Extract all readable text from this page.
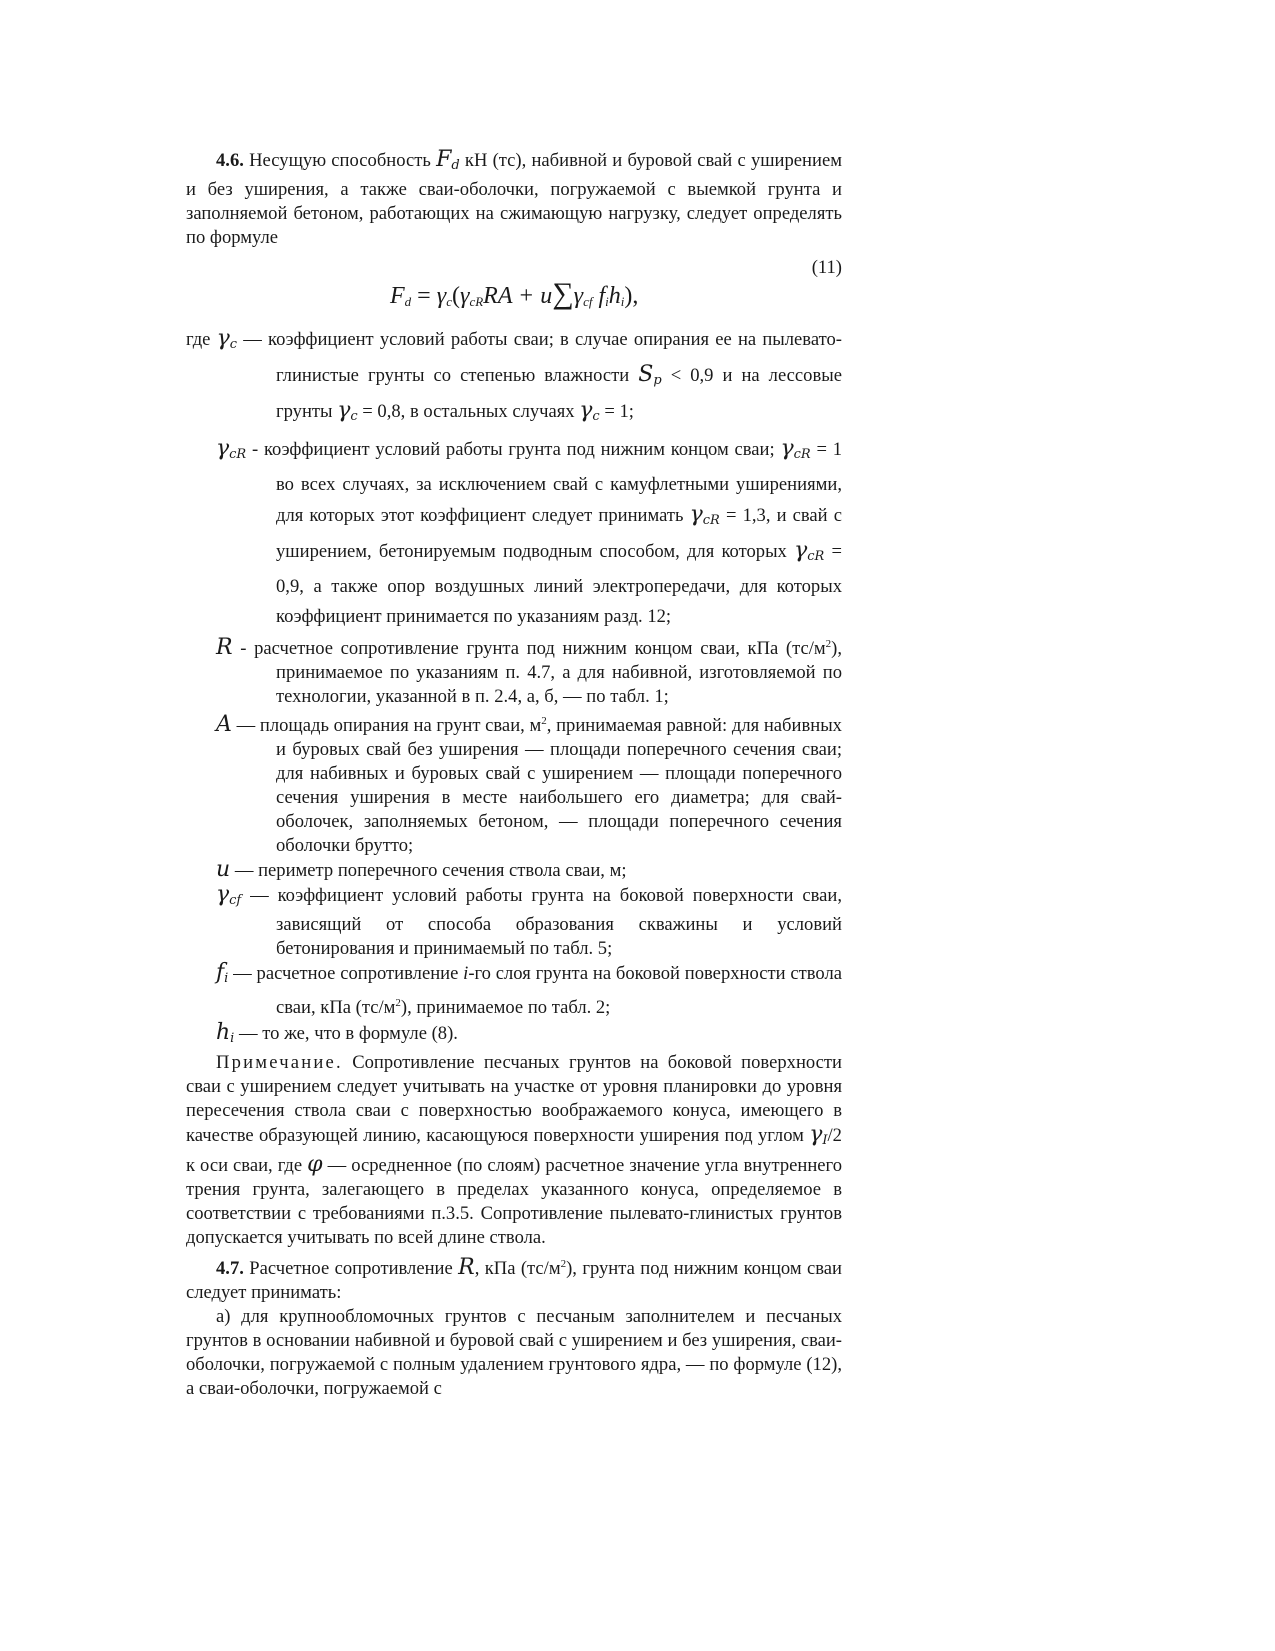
4.6. Несущую способность $F_d$ кН (тс), набивной и буровой свай с уширением и без уширения, а также сваи-оболочки, погружаемой с выемкой грунта и заполняемой бетоном, работающих на сжимающую нагрузку, следует определять по формуле

(11)
$F_d = \gamma_c(\gamma_{cR}RA + u\sum\gamma_{cf}$ $f_ih_i$),

где $\gamma_c$ — коэффициент условий работы сваи; в случае опирания ее на пылевато-глинистые грунты со степенью влажности $S_p < 0,9$ и на лессовые грунты $\gamma_c = 0,8$, в остальных случаях $\gamma_c = 1$;

$\gamma_{cR}$ - коэффициент условий работы грунта под нижним концом сваи; $\gamma_{cR} = 1$ во всех случаях, за исключением свай с камуфлетными уширениями, для которых этот коэффициент следует принимать $\gamma_{cR} = 1,3$, и свай с уширением, бетонируемым подводным способом, для которых $\gamma_{cR} = 0,9$, а также опор воздушных линий электропередачи, для которых коэффициент принимается по указаниям разд. 12;

R - расчетное сопротивление грунта под нижним концом сваи, кПа $(тс/м^2)$, принимаемое по указаниям п. 4.7, а для набивной, изготовляемой по технологии, указанной в п. 2.4, а, б, — по табл. 1;

A — площадь опирания на грунт сваи, $м^2$, принимаемая равной: для набивных и буровых свай без уширения — площади поперечного сечения сваи; для набивных и буровых свай с уширением — площади поперечного сечения уширения в месте наибольшего его диаметра; для свай-оболочек, заполняемых бетоном, — площади поперечного сечения оболочки брутто;

u — периметр поперечного сечения ствола сваи, м;

$\gamma_{cf}$ — коэффициент условий работы грунта на боковой поверхности сваи, зависящий от способа образования скважины и условий бетонирования и принимаемый по табл. 5;

$f_i$ — расчетное сопротивление i-го слоя грунта на боковой поверхности ствола сваи, кПа $(тс/м^2)$, принимаемое по табл. 2;

$h_i$ — то же, что в формуле (8).

Примечание. Сопротивление песчаных грунтов на боковой поверхности сваи с уширением следует учитывать на участке от уровня планировки до уровня пересечения ствола сваи с поверхностью воображаемого конуса, имеющего в качестве образующей линию, касающуюся поверхности уширения под углом $\gamma_I/2$ к оси сваи, где φ — осредненное (по слоям) расчетное значение угла внутреннего трения грунта, залегающего в пределах указанного конуса, определяемое в соответствии с требованиями п.3.5. Сопротивление пылевато-глинистых грунтов допускается учитывать по всей длине ствола.

4.7. Расчетное сопротивление R, кПа $(тс/м^2)$, грунта под нижним концом сваи следует принимать:

а) для крупнообломочных грунтов с песчаным заполнителем и песчаных грунтов в основании набивной и буровой свай с уширением и без уширения, сваи-оболочки, погружаемой с полным удалением грунтового ядра, — по формуле (12), а сваи-оболочки, погружаемой с
